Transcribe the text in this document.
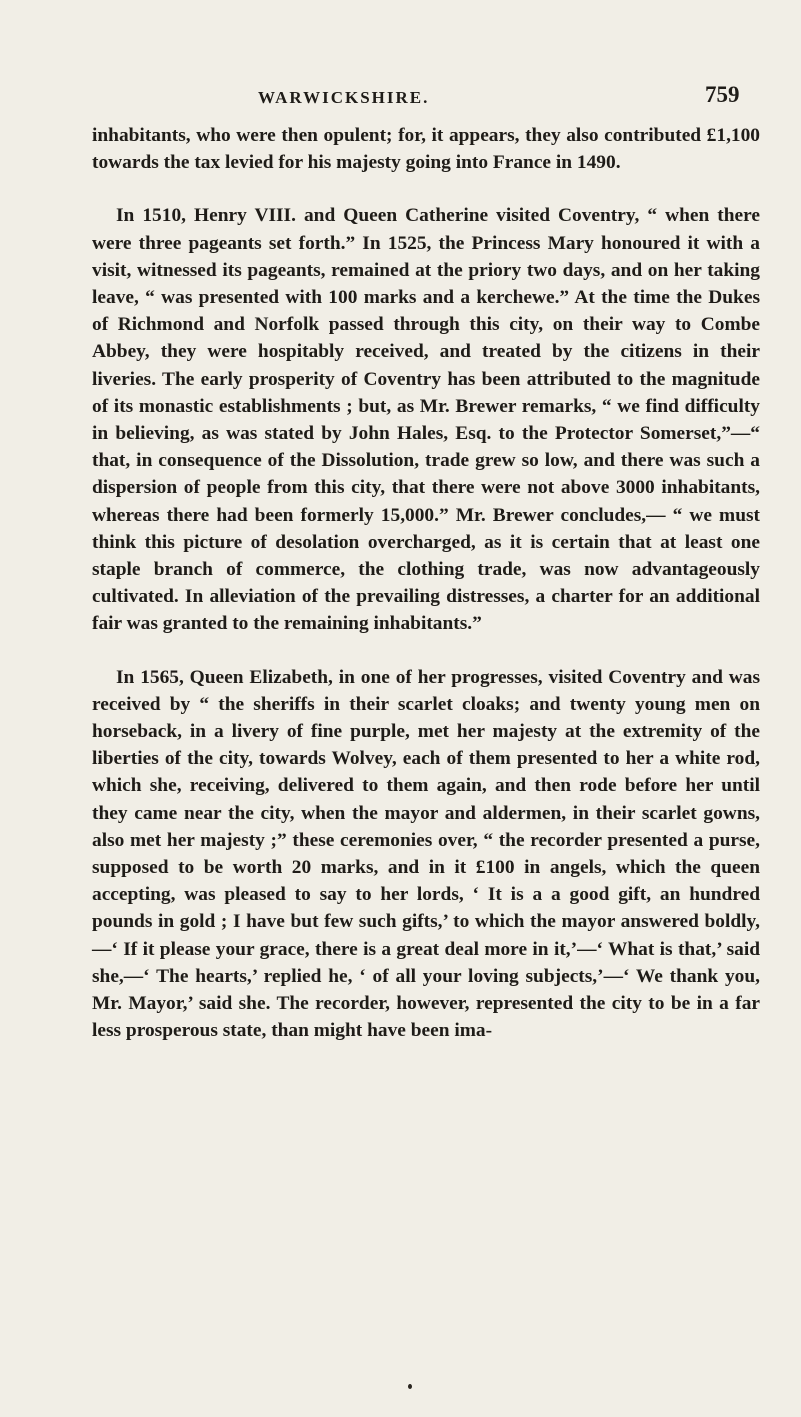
WARWICKSHIRE.	759

inhabitants, who were then opulent; for, it appears, they also contributed £1,100 towards the tax levied for his majesty going into France in 1490.

In 1510, Henry VIII. and Queen Catherine visited Coventry, “ when there were three pageants set forth.” In 1525, the Princess Mary honoured it with a visit, witnessed its pageants, remained at the priory two days, and on her taking leave, “ was presented with 100 marks and a kerchewe.” At the time the Dukes of Richmond and Norfolk passed through this city, on their way to Combe Abbey, they were hospitably received, and treated by the citizens in their liveries. The early prosperity of Coventry has been attributed to the magnitude of its monastic establishments ; but, as Mr. Brewer remarks, “ we find difficulty in believing, as was stated by John Hales, Esq. to the Protector Somerset,”—“ that, in consequence of the Dissolution, trade grew so low, and there was such a dispersion of people from this city, that there were not above 3000 inhabitants, whereas there had been formerly 15,000.” Mr. Brewer concludes,— “ we must think this picture of desolation overcharged, as it is certain that at least one staple branch of commerce, the clothing trade, was now advantageously cultivated. In alleviation of the prevailing distresses, a charter for an additional fair was granted to the remaining inhabitants.”

In 1565, Queen Elizabeth, in one of her progresses, visited Coventry and was received by “ the sheriffs in their scarlet cloaks; and twenty young men on horseback, in a livery of fine purple, met her majesty at the extremity of the liberties of the city, towards Wolvey, each of them presented to her a white rod, which she, receiving, delivered to them again, and then rode before her until they came near the city, when the mayor and aldermen, in their scarlet gowns, also met her majesty ;” these ceremonies over, “ the recorder presented a purse, supposed to be worth 20 marks, and in it £100 in angels, which the queen accepting, was pleased to say to her lords, ‘ It is a a good gift, an hundred pounds in gold ; I have but few such gifts,’ to which the mayor answered boldly,—‘ If it please your grace, there is a great deal more in it,’—‘ What is that,’ said she,—‘ The hearts,’ replied he, ‘ of all your loving subjects,’—‘ We thank you, Mr. Mayor,’ said she. The recorder, however, represented the city to be in a far less prosperous state, than might have been ima-
